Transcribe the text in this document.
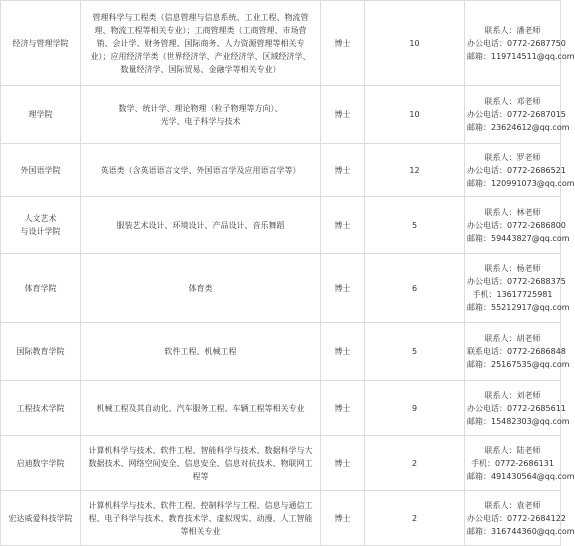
经济与管理学院	管理科学与工程类（信息管理与信息系统、工业工程、物流管
理、物流工程等相关专业）；工商管理类（工商管理、市场营
销、会计学、财务管理、国际商务、人力资源管理等相关专
业）；应用经济学类（世界经济学、产业经济学、区域经济学、
数量经济学、国际贸易、金融学等相关专业）	博士	10	联系人：潘老师
办公电话：0772-2687750
邮箱：119714511@qq.com

理学院	数学、统计学、理论物理（粒子物理等方向）、
光学、电子科学与技术	博士	10	联系人：邓老师
办公电话：0772-2687015
邮箱：23624612@qq.com

外国语学院	英语类（含英语语言文学、外国语言学及应用语言学等）	博士	12	联系人：罗老师
办公电话：0772-2686521
邮箱：120991073@qq.com

人文艺术
与设计学院	服装艺术设计、环境设计、产品设计、音乐舞蹈	博士	5	联系人：林老师
办公电话：0772-2686800
邮箱：59443827@qq.com

体育学院	体育类	博士	6	联系人：杨老师
办公电话：0772-2688375
手机：13617725981
邮箱：55212917@qq.com

国际教育学院	软件工程、机械工程	博士	5	联系人：胡老师
联系电话：0772-2686848
邮箱：25167535@qq.com

工程技术学院	机械工程及其自动化、汽车服务工程、车辆工程等相关专业	博士	9	联系人：刘老师
办公电话：0772-2685611
邮箱：15482303@qq.com

启迪数字学院	计算机科学与技术、软件工程、智能科学与技术、数据科学与大
数据技术、网络空间安全、信息安全、信息对抗技术、物联网工
程等	博士	2	联系人：陆老师
手机：0772-2686131
邮箱：491430564@qq.com

宏达威爱科技学院	计算机科学与技术、软件工程、控制科学与工程、信息与通信工
程、电子科学与技术、教育技术学、虚拟现实、动漫、人工智能
等相关专业	博士	2	联系人：袁老师
办公电话：0772-2684122
邮箱：316744360@qq.com
